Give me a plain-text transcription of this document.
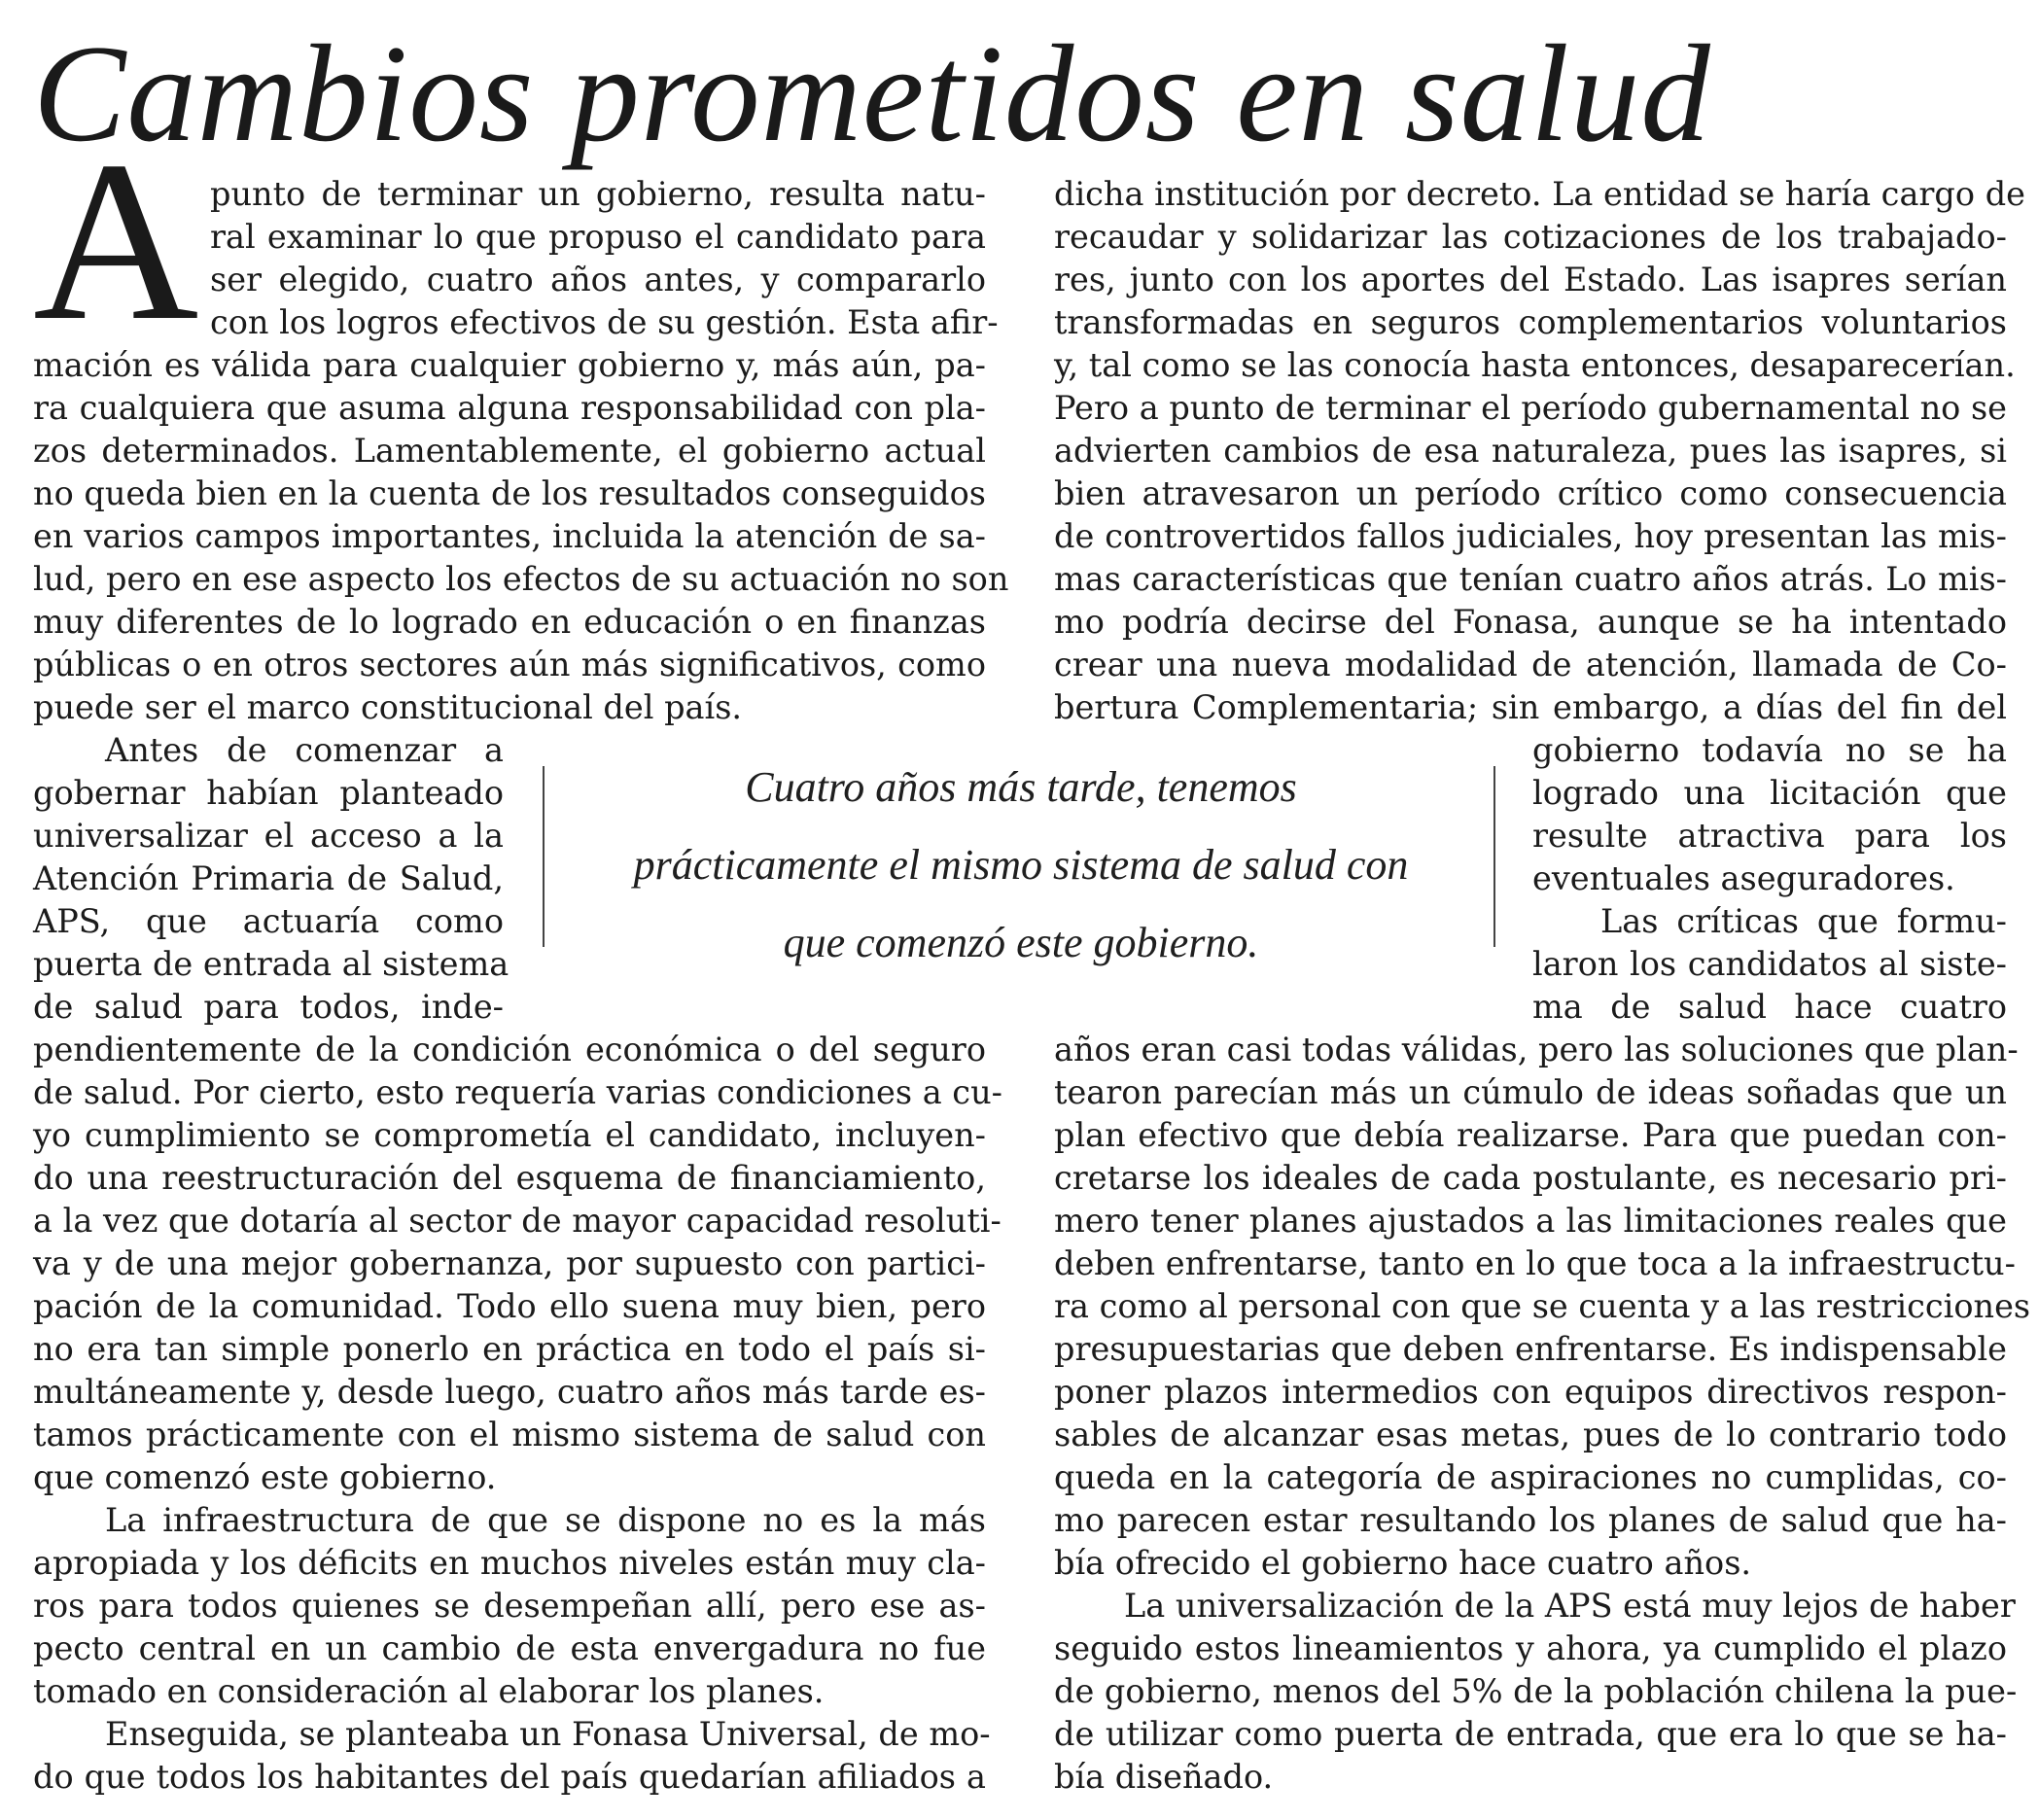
Cambios prometidos en salud
A punto de terminar un gobierno, resulta natu-
ral examinar lo que propuso el candidato para
ser elegido, cuatro años antes, y compararlo
con los logros efectivos de su gestión. Esta afir-
mación es válida para cualquier gobierno y, más aún, pa-
ra cualquiera que asuma alguna responsabilidad con pla-
zos determinados. Lamentablemente, el gobierno actual
no queda bien en la cuenta de los resultados conseguidos
en varios campos importantes, incluida la atención de sa-
lud, pero en ese aspecto los efectos de su actuación no son
muy diferentes de lo logrado en educación o en finanzas
públicas o en otros sectores aún más significativos, como
puede ser el marco constitucional del país.
Antes de comenzar a
gobernar habían planteado
universalizar el acceso a la
Atención Primaria de Salud,
APS, que actuaría como
puerta de entrada al sistema
de salud para todos, inde-
pendientemente de la condición económica o del seguro
de salud. Por cierto, esto requería varias condiciones a cu-
yo cumplimiento se comprometía el candidato, incluyen-
do una reestructuración del esquema de financiamiento,
a la vez que dotaría al sector de mayor capacidad resoluti-
va y de una mejor gobernanza, por supuesto con partici-
pación de la comunidad. Todo ello suena muy bien, pero
no era tan simple ponerlo en práctica en todo el país si-
multáneamente y, desde luego, cuatro años más tarde es-
tamos prácticamente con el mismo sistema de salud con
que comenzó este gobierno.
La infraestructura de que se dispone no es la más
apropiada y los déficits en muchos niveles están muy cla-
ros para todos quienes se desempeñan allí, pero ese as-
pecto central en un cambio de esta envergadura no fue
tomado en consideración al elaborar los planes.
Enseguida, se planteaba un Fonasa Universal, de mo-
do que todos los habitantes del país quedarían afiliados a
dicha institución por decreto. La entidad se haría cargo de
recaudar y solidarizar las cotizaciones de los trabajado-
res, junto con los aportes del Estado. Las isapres serían
transformadas en seguros complementarios voluntarios
y, tal como se las conocía hasta entonces, desaparecerían.
Pero a punto de terminar el período gubernamental no se
advierten cambios de esa naturaleza, pues las isapres, si
bien atravesaron un período crítico como consecuencia
de controvertidos fallos judiciales, hoy presentan las mis-
mas características que tenían cuatro años atrás. Lo mis-
mo podría decirse del Fonasa, aunque se ha intentado
crear una nueva modalidad de atención, llamada de Co-
bertura Complementaria; sin embargo, a días del fin del
gobierno todavía no se ha
logrado una licitación que
resulte atractiva para los
eventuales aseguradores.
Las críticas que formu-
laron los candidatos al siste-
ma de salud hace cuatro
años eran casi todas válidas, pero las soluciones que plan-
tearon parecían más un cúmulo de ideas soñadas que un
plan efectivo que debía realizarse. Para que puedan con-
cretarse los ideales de cada postulante, es necesario pri-
mero tener planes ajustados a las limitaciones reales que
deben enfrentarse, tanto en lo que toca a la infraestructu-
ra como al personal con que se cuenta y a las restricciones
presupuestarias que deben enfrentarse. Es indispensable
poner plazos intermedios con equipos directivos respon-
sables de alcanzar esas metas, pues de lo contrario todo
queda en la categoría de aspiraciones no cumplidas, co-
mo parecen estar resultando los planes de salud que ha-
bía ofrecido el gobierno hace cuatro años.
La universalización de la APS está muy lejos de haber
seguido estos lineamientos y ahora, ya cumplido el plazo
de gobierno, menos del 5% de la población chilena la pue-
de utilizar como puerta de entrada, que era lo que se ha-
bía diseñado.
Cuatro años más tarde, tenemos
prácticamente el mismo sistema de salud con
que comenzó este gobierno.
